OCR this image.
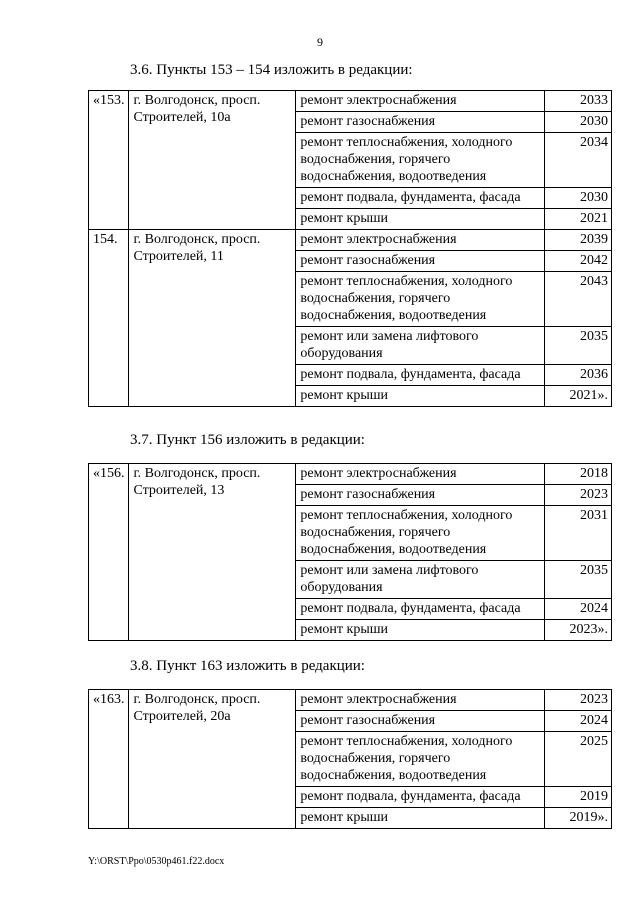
9
3.6. Пункты 153 – 154 изложить в редакции:
«153.	г. Волгодонск, просп. Строителей, 10а	ремонт электроснабжения	2033
		ремонт газоснабжения	2030
		ремонт теплоснабжения, холодного водоснабжения, горячего водоснабжения, водоотведения	2034
		ремонт подвала, фундамента, фасада	2030
		ремонт крыши	2021
154.	г. Волгодонск, просп. Строителей, 11	ремонт электроснабжения	2039
		ремонт газоснабжения	2042
		ремонт теплоснабжения, холодного водоснабжения, горячего водоснабжения, водоотведения	2043
		ремонт или замена лифтового оборудования	2035
		ремонт подвала, фундамента, фасада	2036
		ремонт крыши	2021».
3.7. Пункт 156 изложить в редакции:
«156.	г. Волгодонск, просп. Строителей, 13	ремонт электроснабжения	2018
		ремонт газоснабжения	2023
		ремонт теплоснабжения, холодного водоснабжения, горячего водоснабжения, водоотведения	2031
		ремонт или замена лифтового оборудования	2035
		ремонт подвала, фундамента, фасада	2024
		ремонт крыши	2023».
3.8. Пункт 163 изложить в редакции:
«163.	г. Волгодонск, просп. Строителей, 20а	ремонт электроснабжения	2023
		ремонт газоснабжения	2024
		ремонт теплоснабжения, холодного водоснабжения, горячего водоснабжения, водоотведения	2025
		ремонт подвала, фундамента, фасада	2019
		ремонт крыши	2019».
Y:\ORST\Ppo\0530p461.f22.docx
